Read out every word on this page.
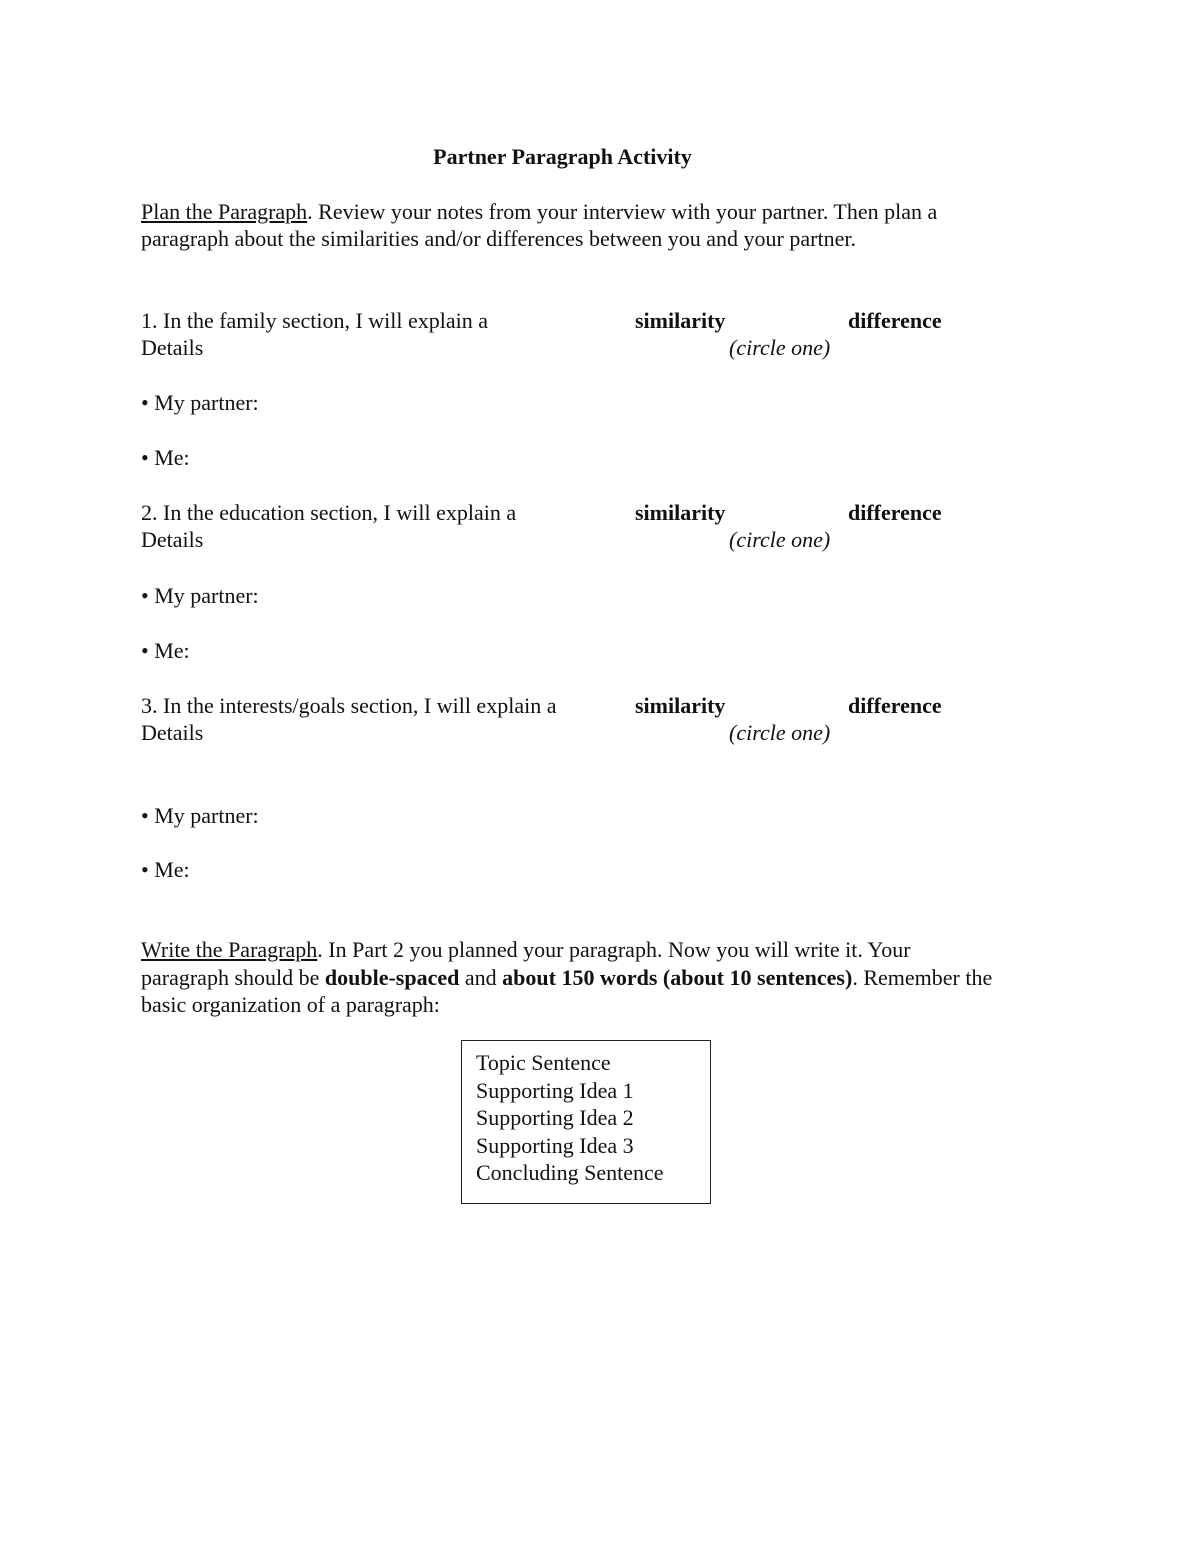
Partner Paragraph Activity
Plan the Paragraph. Review your notes from your interview with your partner. Then plan a
paragraph about the similarities and/or differences between you and your partner.
1. In the family section, I will explain a	similarity	difference
Details	(circle one)
• My partner:
• Me:
2. In the education section, I will explain a	similarity	difference
Details	(circle one)
• My partner:
• Me:
3. In the interests/goals section, I will explain a	similarity	difference
Details	(circle one)
• My partner:
• Me:
Write the Paragraph. In Part 2 you planned your paragraph. Now you will write it. Your
paragraph should be double-spaced and about 150 words (about 10 sentences). Remember the
basic organization of a paragraph:
Topic Sentence
Supporting Idea 1
Supporting Idea 2
Supporting Idea 3
Concluding Sentence
